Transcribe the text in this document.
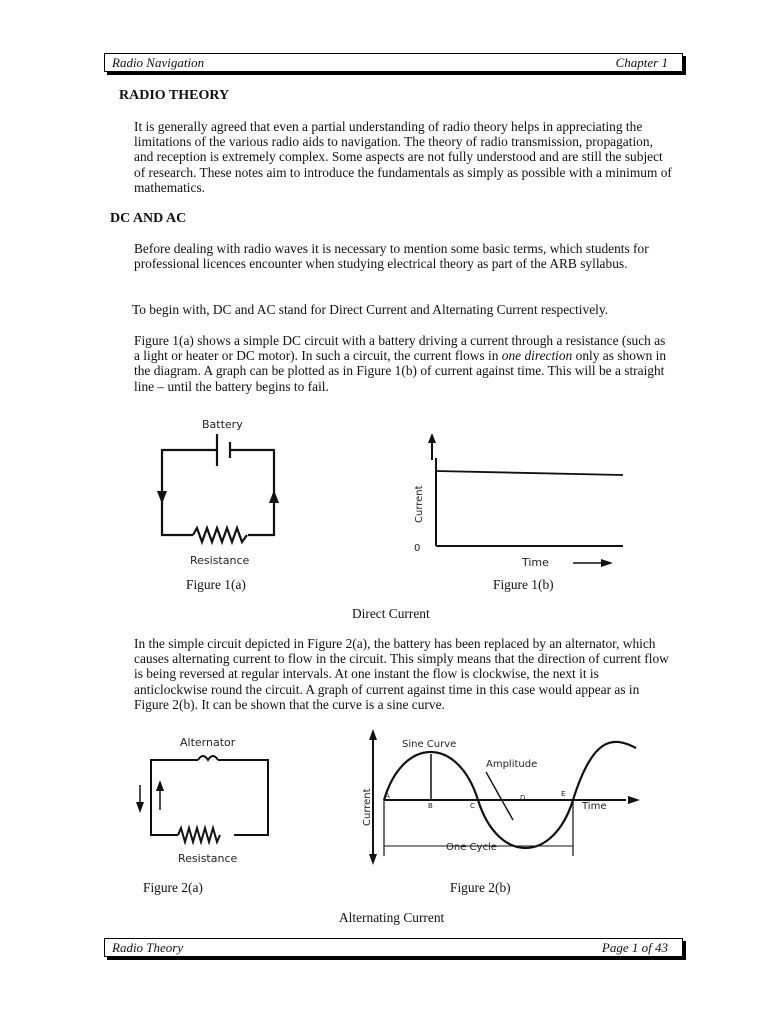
Radio Navigation	Chapter 1
RADIO THEORY

It is generally agreed that even a partial understanding of radio theory helps in appreciating the limitations of the various radio aids to navigation. The theory of radio transmission, propagation, and reception is extremely complex. Some aspects are not fully understood and are still the subject of research. These notes aim to introduce the fundamentals as simply as possible with a minimum of mathematics.

DC AND AC

Before dealing with radio waves it is necessary to mention some basic terms, which students for professional licences encounter when studying electrical theory as part of the ARB syllabus.

To begin with, DC and AC stand for Direct Current and Alternating Current respectively.

Figure 1(a) shows a simple DC circuit with a battery driving a current through a resistance (such as a light or heater or DC motor). In such a circuit, the current flows in one direction only as shown in the diagram. A graph can be plotted as in Figure 1(b) of current against time. This will be a straight line – until the battery begins to fail.

Battery
Resistance
Figure 1(a)
Current
0
Time
Figure 1(b)
Direct Current

In the simple circuit depicted in Figure 2(a), the battery has been replaced by an alternator, which causes alternating current to flow in the circuit. This simply means that the direction of current flow is being reversed at regular intervals. At one instant the flow is clockwise, the next it is anticlockwise round the circuit. A graph of current against time in this case would appear as in Figure 2(b). It can be shown that the curve is a sine curve.

Alternator
Resistance
Figure 2(a)
Sine Curve
Amplitude
Current	Time
One Cycle
A
B	C
D	E
Figure 2(b)
Alternating Current
Radio Theory	Page 1 of 43
